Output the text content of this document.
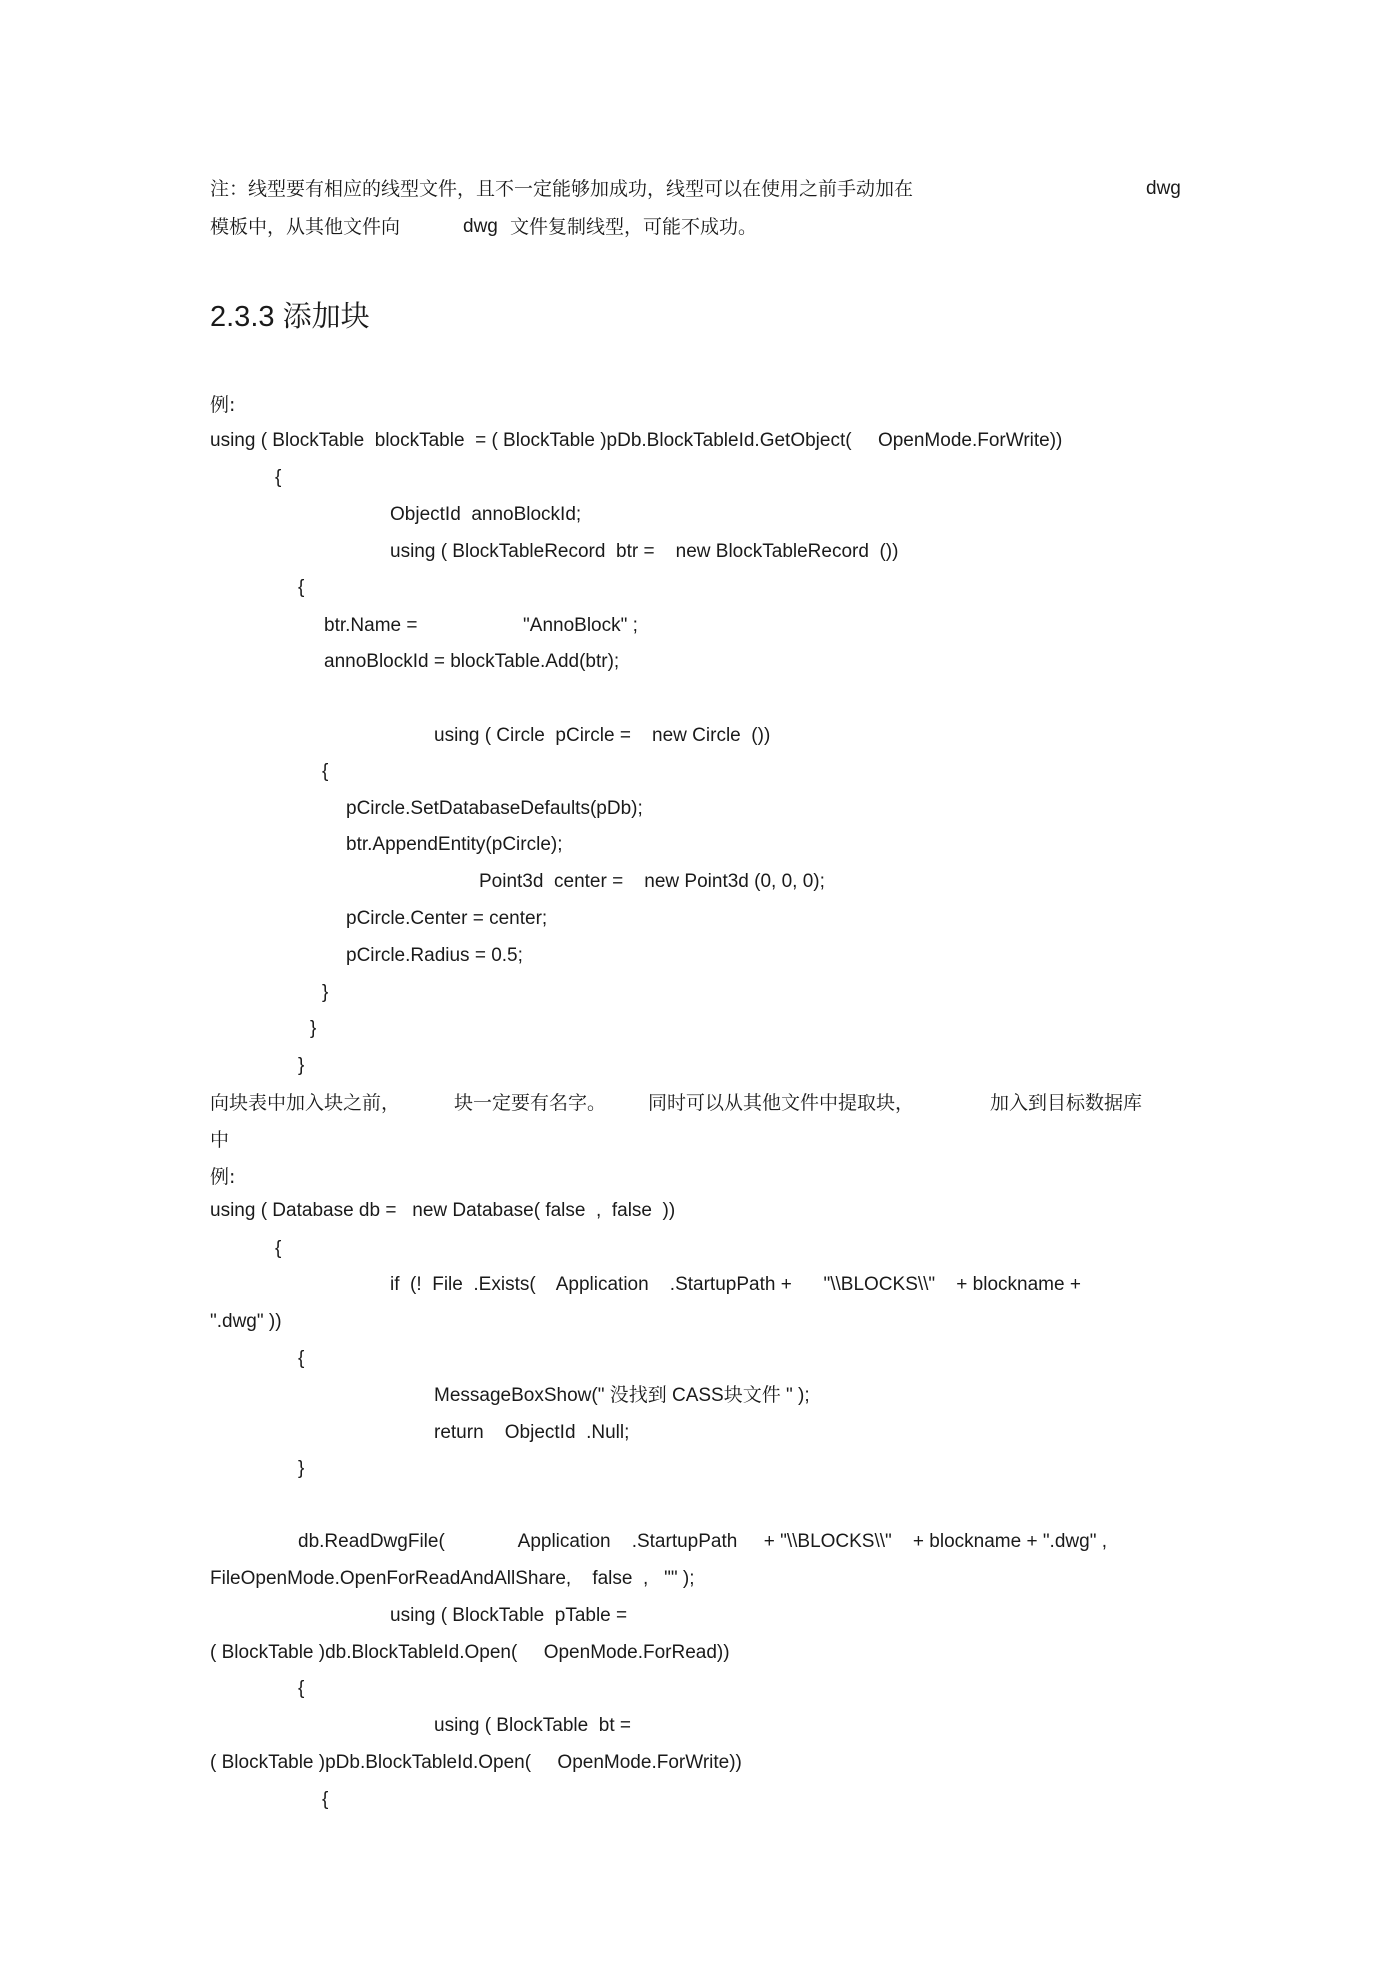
注：线型要有相应的线型文件，且不一定能够加成功，线型可以在使用之前手动加在	dwg
模板中，从其他文件向	dwg 文件复制线型，可能不成功。
2.3.3 添加块
例:
using ( BlockTable  blockTable  = ( BlockTable )pDb.BlockTableId.GetObject(     OpenMode.ForWrite))
{
ObjectId  annoBlockId;
using ( BlockTableRecord  btr =    new BlockTableRecord  ())
{
btr.Name =                    "AnnoBlock" ;
annoBlockId = blockTable.Add(btr);
using ( Circle  pCircle =    new Circle  ())
{
pCircle.SetDatabaseDefaults(pDb);
btr.AppendEntity(pCircle);
Point3d  center =    new Point3d (0, 0, 0);
pCircle.Center = center;
pCircle.Radius = 0.5;
}
}
}
向块表中加入块之前，	块一定要有名字。 同时可以从其他文件中提取块，	加入到目标数据库
中
例:
using ( Database db =   new Database( false  ,  false  ))
{
if  (!  File  .Exists(    Application    .StartupPath +      "\\BLOCKS\\"    + blockname +
".dwg" ))
{
MessageBoxShow(" 没找到 CASS块文件 " );
return    ObjectId  .Null;
}
db.ReadDwgFile(              Application    .StartupPath     + "\\BLOCKS\\"    + blockname + ".dwg" ,
FileOpenMode.OpenForReadAndAllShare,    false  ,   "" );
using ( BlockTable  pTable =
( BlockTable )db.BlockTableId.Open(     OpenMode.ForRead))
{
using ( BlockTable  bt =
( BlockTable )pDb.BlockTableId.Open(     OpenMode.ForWrite))
{
